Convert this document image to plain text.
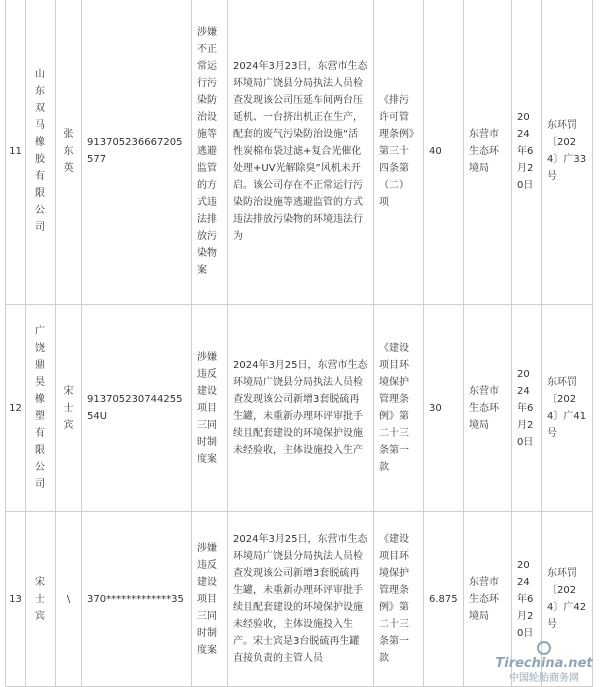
11	山东双马橡胶有限公司	张东英	913705236667205577	涉嫌不正常运行污染防治设施等逃避监管的方式违法排放污染物案	2024年3月23日，东营市生态环境局广饶县分局执法人员检查发现该公司压延车间两台压延机、一台挤出机正在生产，配套的废气污染防治设施“活性炭棉布袋过滤+复合光催化处理+UV光解除臭”风机未开启。该公司存在不正常运行污染防治设施等逃避监管的方式违法排放污染物的环境违法行为	《排污许可管理条例》第三十四条第（二）项	40	东营市生态环境局	2024年6月20日	东环罚〔2024〕广33号
12	广饶鼎昊橡塑有限公司	宋士宾	91370523074425554U	涉嫌违反建设项目三同时制度案	2024年3月25日，东营市生态环境局广饶县分局执法人员检查发现该公司新增3套脱硫再生罐，未重新办理环评审批手续且配套建设的环境保护设施未经验收，主体设施投入生产	《建设项目环境保护管理条例》第二十三条第一款	30	东营市生态环境局	2024年6月20日	东环罚〔2024〕广41号
13	宋士宾	\	370*************35	涉嫌违反建设项目三同时制度案	2024年3月25日，东营市生态环境局广饶县分局执法人员检查发现该公司新增3套脱硫再生罐，未重新办理环评审批手续且配套建设的环境保护设施未经验收，主体设施投入生产。宋士宾是3台脱硫再生罐直接负责的主管人员	《建设项目环境保护管理条例》第二十三条第一款	6.875	东营市生态环境局	2024年6月20日	东环罚〔2024〕广42号
Tirechina.net
中国轮胎商务网
